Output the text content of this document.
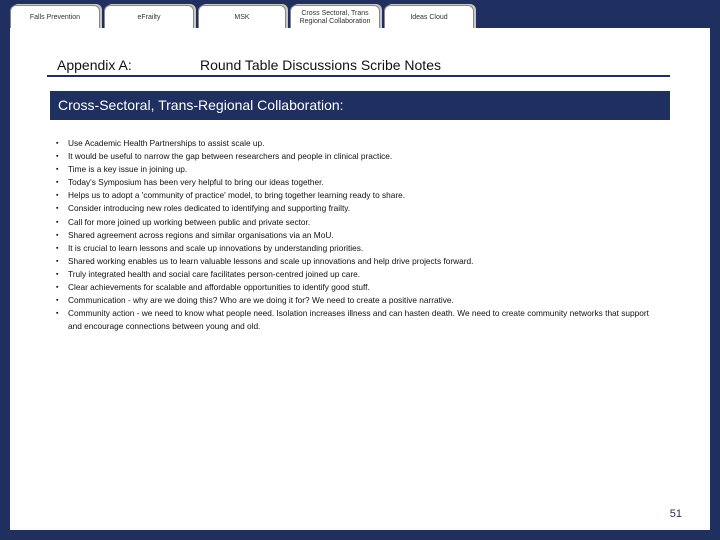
Falls Prevention	eFrailty	MSK
Cross Sectoral, Trans Regional Collaboration
Ideas Cloud
Appendix A:	Round Table Discussions Scribe Notes
Cross-Sectoral, Trans-Regional Collaboration:
▪ Use Academic Health Partnerships to assist scale up.
▪ It would be useful to narrow the gap between researchers and people in clinical practice.
▪ Time is a key issue in joining up.
▪ Today's Symposium has been very helpful to bring our ideas together.
▪ Helps us to adopt a 'community of practice' model, to bring together learning ready to share.
▪ Consider introducing new roles dedicated to identifying and supporting frailty.
▪ Call for more joined up working between public and private sector.
▪ Shared agreement across regions and similar organisations via an MoU.
▪ It is crucial to learn lessons and scale up innovations by understanding priorities.
▪ Shared working enables us to learn valuable lessons and scale up innovations and help drive projects forward.
▪ Truly integrated health and social care facilitates person-centred joined up care.
▪ Clear achievements for scalable and affordable opportunities to identify good stuff.
▪ Communication - why are we doing this? Who are we doing it for? We need to create a positive narrative.
▪ Community action - we need to know what people need. Isolation increases illness and can hasten death. We need to create community networks that support and encourage connections between young and old.
51
